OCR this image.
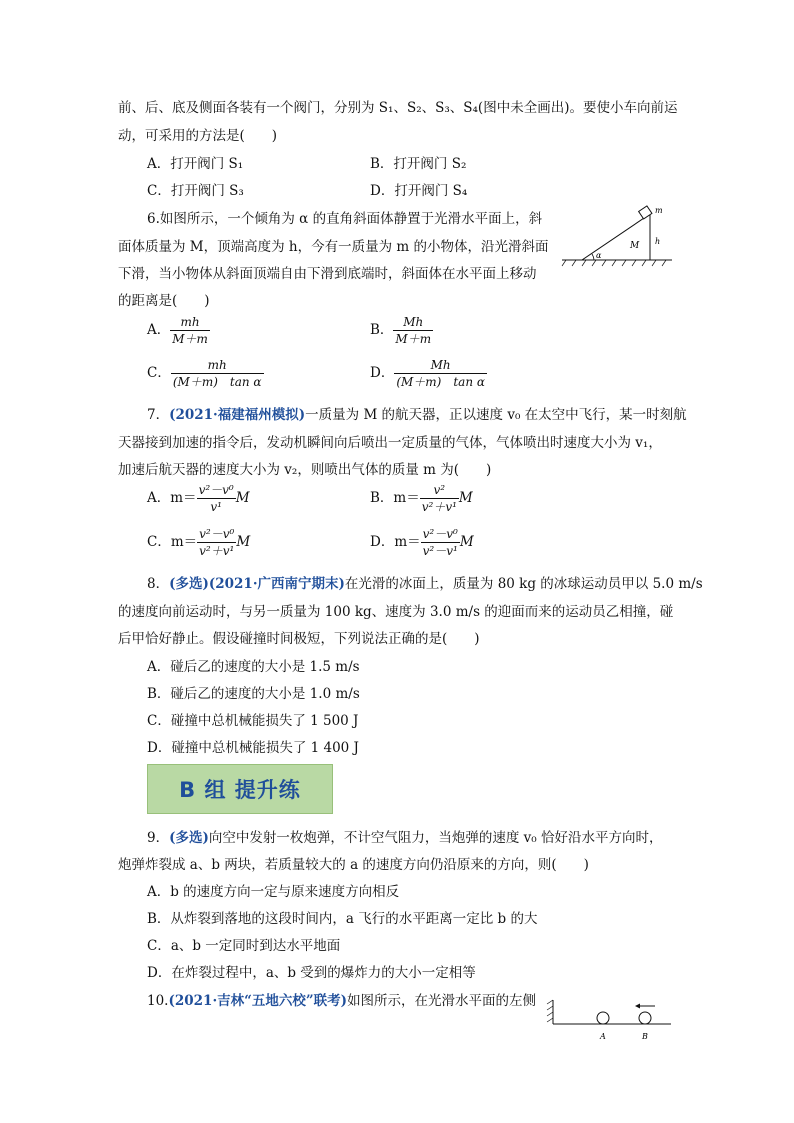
前、后、底及侧面各装有一个阀门，分别为 S₁、S₂、S₃、S₄(图中未全画出)。要使小车向前运
动，可采用的方法是(　　)
A．打开阀门 S₁	B．打开阀门 S₂
C．打开阀门 S₃	D．打开阀门 S₄
6.如图所示，一个倾角为 α 的直角斜面体静置于光滑水平面上，斜
面体质量为 M，顶端高度为 h，今有一质量为 m 的小物体，沿光滑斜面
下滑，当小物体从斜面顶端自由下滑到底端时，斜面体在水平面上移动
的距离是(　　)
m
M h
α
A． $\frac{mh}{M+m}$	B． $\frac{Mh}{M+m}$
C． $\frac{mh}{\text{(M＋m)　tan α}}$	D． $\frac{Mh}{\text{(M＋m)　tan α}}$
7．(2021·福建福州模拟)一质量为 M 的航天器，正以速度 v₀ 在太空中飞行，某一时刻航
天器接到加速的指令后，发动机瞬间向后喷出一定质量的气体，气体喷出时速度大小为 v₁，
加速后航天器的速度大小为 v₂，则喷出气体的质量 m 为(　　)
A．$m= \frac{\text{v²－v⁰}}{\text{v¹}}$ M	B．$m= \frac{\text{v²}}{\text{v²＋v¹}}$ M
C．$m= \frac{\text{v²－v⁰}}{\text{v²＋v¹}}$ M	D．$m= \frac{\text{v²－v⁰}}{\text{v²－v¹}}$ M
8．(多选)(2021·广西南宁期末)在光滑的冰面上，质量为 80 kg 的冰球运动员甲以 5.0 m/s
的速度向前运动时，与另一质量为 100 kg、速度为 3.0 m/s 的迎面而来的运动员乙相撞，碰
后甲恰好静止。假设碰撞时间极短，下列说法正确的是(　　)
A．碰后乙的速度的大小是 1.5 m/s
B．碰后乙的速度的大小是 1.0 m/s
C．碰撞中总机械能损失了 1 500 J
D．碰撞中总机械能损失了 1 400 J
B 组 提升练
9．(多选)向空中发射一枚炮弹，不计空气阻力，当炮弹的速度 v₀ 恰好沿水平方向时，
炮弹炸裂成 a、b 两块，若质量较大的 a 的速度方向仍沿原来的方向，则(　　)
A．b 的速度方向一定与原来速度方向相反
B．从炸裂到落地的这段时间内，a 飞行的水平距离一定比 b 的大
C．a、b 一定同时到达水平地面
D．在炸裂过程中，a、b 受到的爆炸力的大小一定相等
10.(2021·吉林“五地六校”联考)如图所示，在光滑水平面的左侧
A	B
